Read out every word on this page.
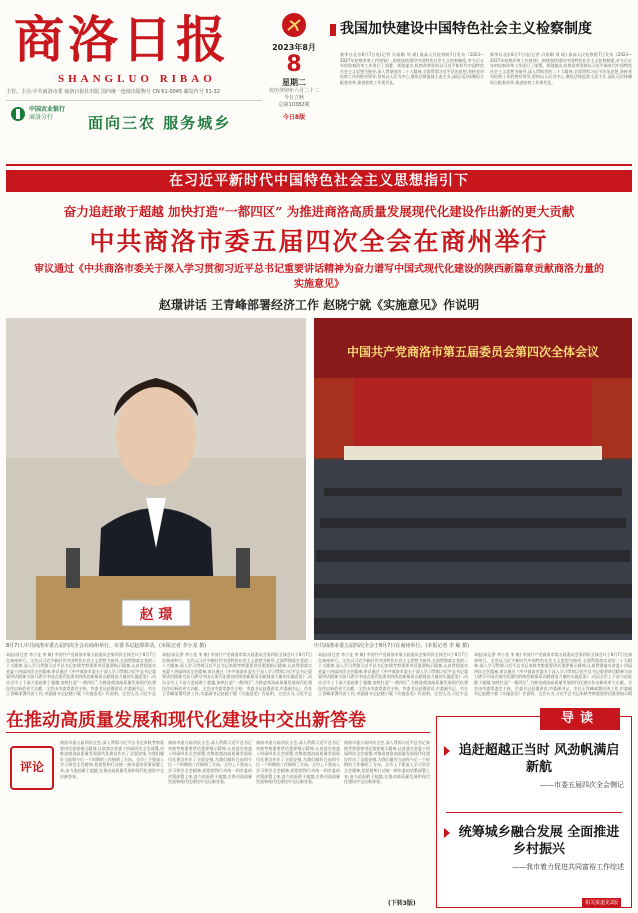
商洛日报
SHANGLUO RIBAO
主管、主办:中共商洛市委 商洛日报社出版 国内统一连续出版物号 CN 61-0045 邮发代号 51-32
中国农业银行
商洛分行	面向三农 服务城乡
2023年8月
8
星期二
农历癸卯年六月二十二
今日立秋
总第10382期
今日8版
我国加快建设中国特色社会主义检察制度
新华社北京8月7日电(记者 冯家顺 刘 硕) 最高人民检察院7日发布《2023—2027年检察改革工作规划》,围绕加快建设中国特色社会主义检察制度,对今后五年的检察改革工作进行了部署。规划提出,检察改革坚持以习近平新时代中国特色社会主义思想为指导,深入贯彻党的二十大精神,全面贯彻习近平法治思想,坚持党对检察工作的绝对领导,坚持以人民为中心,聚焦法律监督主责主业,深化司法体制综合配套改革,推进检察工作现代化。
新华社北京8月7日电(记者 冯家顺 刘 硕) 最高人民检察院7日发布《2023—2027年检察改革工作规划》,围绕加快建设中国特色社会主义检察制度,对今后五年的检察改革工作进行了部署。规划提出,检察改革坚持以习近平新时代中国特色社会主义思想为指导,深入贯彻党的二十大精神,全面贯彻习近平法治思想,坚持党对检察工作的绝对领导,坚持以人民为中心,聚焦法律监督主责主业,深化司法体制综合配套改革,推进检察工作现代化。
在习近平新时代中国特色社会主义思想指引下
奋力追赶敢于超越 加快打造“一都四区” 为推进商洛高质量发展现代化建设作出新的更大贡献
中共商洛市委五届四次全会在商州举行
审议通过《中共商洛市委关于深入学习贯彻习近平总书记重要讲话精神为奋力谱写中国式现代化建设的陕西新篇章贡献商洛力量的实施意见》
赵璟讲话 王青峰部署经济工作 赵晓宁就《实施意见》作说明
赵 璟
8月7日,中共商洛市委五届四次全会在商州举行。市委书记赵璟讲话。(本报记者 李小龙 摄)
中国共产党商洛市第五届委员会第四次全体会议
中共商洛市委五届四次全会于8月7日在商州举行。(本报记者 李 敏 摄)
本报讯(记者 李小龙 李 敏) 中国共产党商洛市第五届委员会第四次全体会议于8月7日在商州举行。全会以习近平新时代中国特色社会主义思想为指导,全面贯彻落实党的二十大精神,深入学习贯彻习近平总书记来陕考察重要讲话重要指示精神,认真贯彻落实省委十四届四次全会精神,审议通过《中共商洛市委关于深入学习贯彻习近平总书记重要讲话精神为奋力谱写中国式现代化建设的陕西新篇章贡献商洛力量的实施意见》,动员全市上下奋力追赶敢于超越,加快打造“一都四区”,为推进商洛高质量发展现代化建设作出新的更大贡献。全会由市委常委会主持。市委书记赵璟讲话,市委副书记、市长王青峰部署经济工作,市委副书记赵晓宁就《实施意见》作说明。全会认为,习近平总
本报讯(记者 李小龙 李 敏) 中国共产党商洛市第五届委员会第四次全体会议于8月7日在商州举行。全会以习近平新时代中国特色社会主义思想为指导,全面贯彻落实党的二十大精神,深入学习贯彻习近平总书记来陕考察重要讲话重要指示精神,认真贯彻落实省委十四届四次全会精神,审议通过《中共商洛市委关于深入学习贯彻习近平总书记重要讲话精神为奋力谱写中国式现代化建设的陕西新篇章贡献商洛力量的实施意见》,动员全市上下奋力追赶敢于超越,加快打造“一都四区”,为推进商洛高质量发展现代化建设作出新的更大贡献。全会由市委常委会主持。市委书记赵璟讲话,市委副书记、市长王青峰部署经济工作,市委副书记赵晓宁就《实施意见》作说明。全会认为,习近平总
本报讯(记者 李小龙 李 敏) 中国共产党商洛市第五届委员会第四次全体会议于8月7日在商州举行。全会以习近平新时代中国特色社会主义思想为指导,全面贯彻落实党的二十大精神,深入学习贯彻习近平总书记来陕考察重要讲话重要指示精神,认真贯彻落实省委十四届四次全会精神,审议通过《中共商洛市委关于深入学习贯彻习近平总书记重要讲话精神为奋力谱写中国式现代化建设的陕西新篇章贡献商洛力量的实施意见》,动员全市上下奋力追赶敢于超越,加快打造“一都四区”,为推进商洛高质量发展现代化建设作出新的更大贡献。全会由市委常委会主持。市委书记赵璟讲话,市委副书记、市长王青峰部署经济工作,市委副书记赵晓宁就《实施意见》作说明。全会认为,习近平总
本报讯(记者 李小龙 李 敏) 中国共产党商洛市第五届委员会第四次全体会议于8月7日在商州举行。全会以习近平新时代中国特色社会主义思想为指导,全面贯彻落实党的二十大精神,深入学习贯彻习近平总书记来陕考察重要讲话重要指示精神,认真贯彻落实省委十四届四次全会精神,审议通过《中共商洛市委关于深入学习贯彻习近平总书记重要讲话精神为奋力谱写中国式现代化建设的陕西新篇章贡献商洛力量的实施意见》,动员全市上下奋力追赶敢于超越,加快打造“一都四区”,为推进商洛高质量发展现代化建设作出新的更大贡献。全会由市委常委会主持。市委书记赵璟讲话,市委副书记、市长王青峰部署经济工作,市委副书记赵晓宁就《实施意见》作说明。全会认为,习近平总书记来陕考察重要讲话重要指示精
在推动高质量发展和现代化建设中交出新答卷
评论
商洛市委五届四次全会,深入贯彻习近平总书记来陕考察重要讲话重要指示精神,认真落实省委十四届四次全会部署,对推进商洛高质量发展现代化建设作出了全面安排,为我们做好当前和今后一个时期的工作指明了方向。全市上下要深入学习领会全会精神,把思想和行动统一到市委的决策部署上来,奋力追赶敢于超越,在推动高质量发展和现代化建设中交出新答卷。
商洛市委五届四次全会,深入贯彻习近平总书记来陕考察重要讲话重要指示精神,认真落实省委十四届四次全会部署,对推进商洛高质量发展现代化建设作出了全面安排,为我们做好当前和今后一个时期的工作指明了方向。全市上下要深入学习领会全会精神,把思想和行动统一到市委的决策部署上来,奋力追赶敢于超越,在推动高质量发展和现代化建设中交出新答卷。
商洛市委五届四次全会,深入贯彻习近平总书记来陕考察重要讲话重要指示精神,认真落实省委十四届四次全会部署,对推进商洛高质量发展现代化建设作出了全面安排,为我们做好当前和今后一个时期的工作指明了方向。全市上下要深入学习领会全会精神,把思想和行动统一到市委的决策部署上来,奋力追赶敢于超越,在推动高质量发展和现代化建设中交出新答卷。
商洛市委五届四次全会,深入贯彻习近平总书记来陕考察重要讲话重要指示精神,认真落实省委十四届四次全会部署,对推进商洛高质量发展现代化建设作出了全面安排,为我们做好当前和今后一个时期的工作指明了方向。全市上下要深入学习领会全会精神,把思想和行动统一到市委的决策部署上来,奋力追赶敢于超越,在推动高质量发展和现代化建设中交出新答卷。
(下转3版)
导读
追赶超越正当时 风劲帆满启新航
——市委五届四次全会侧记
统筹城乡融合发展 全面推进乡村振兴
——我市着力促进共同富裕工作综述
相关报道见2版
